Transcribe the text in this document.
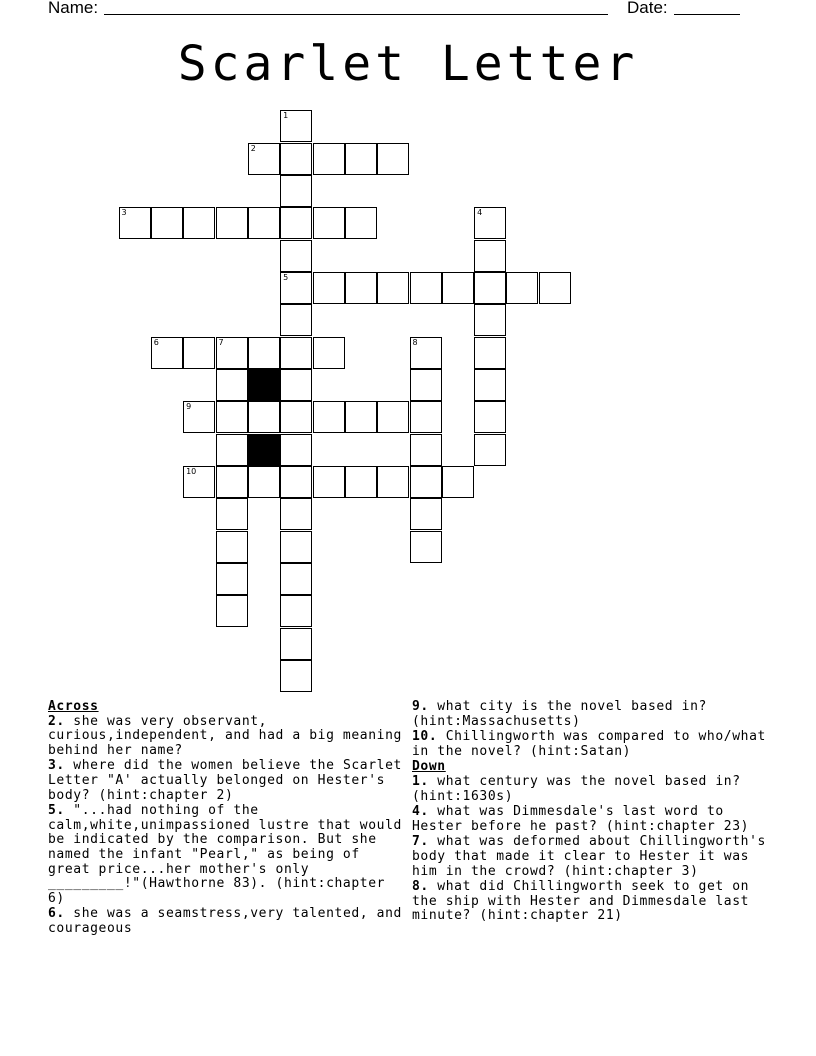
Name:	Date:
Scarlet Letter
1
2
3	4
5
6	7	8
9
10
Across
2. she was very observant, curious,independent, and had a big meaning behind her name?
3. where did the women believe the Scarlet Letter "A' actually belonged on Hester's body? (hint:chapter 2)
5. "...had nothing of the calm,white,unimpassioned lustre that would be indicated by the comparison. But she named the infant "Pearl," as being of great price...her mother's only _________!"(Hawthorne 83). (hint:chapter 6)
6. she was a seamstress,very talented, and courageous
9. what city is the novel based in? (hint:Massachusetts)
10. Chillingworth was compared to who/what in the novel? (hint:Satan)
Down
1. what century was the novel based in? (hint:1630s)
4. what was Dimmesdale's last word to Hester before he past? (hint:chapter 23)
7. what was deformed about Chillingworth's body that made it clear to Hester it was him in the crowd? (hint:chapter 3)
8. what did Chillingworth seek to get on the ship with Hester and Dimmesdale last minute? (hint:chapter 21)
